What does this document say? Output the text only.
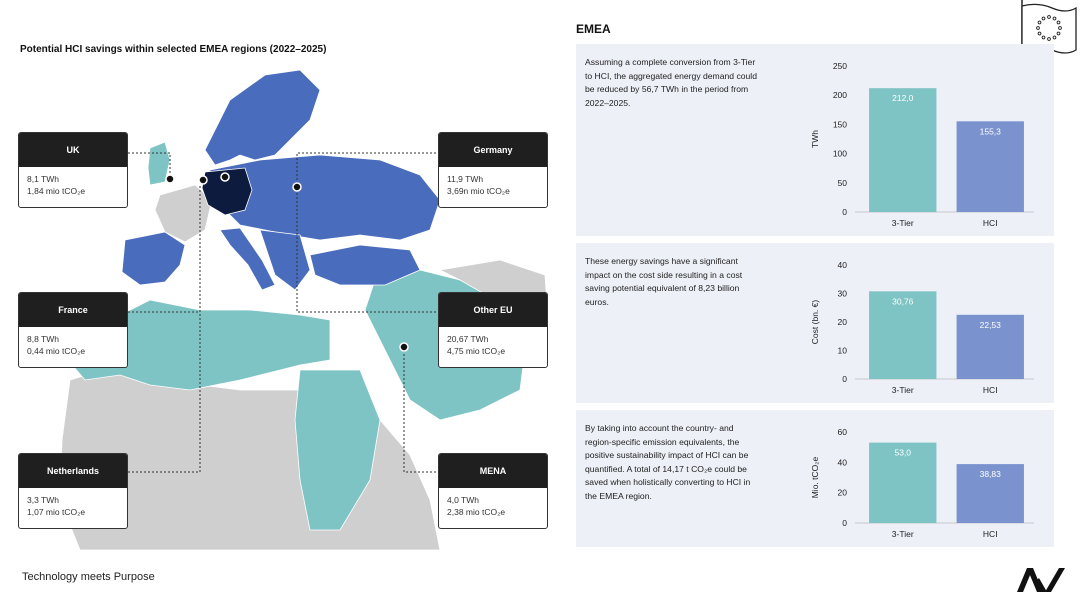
Potential HCI savings within selected EMEA regions (2022–2025)
UK
8,1 TWh
1,84 mio tCO₂e
Germany
11,9 TWh
3,69n mio tCO₂e
France
8,8 TWh
0,44 mio tCO₂e
Other EU
20,67 TWh
4,75 mio tCO₂e
Netherlands
3,3 TWh
1,07 mio tCO₂e
MENA
4,0 TWh
2,38 mio tCO₂e
EMEA
Assuming a complete conversion from 3-Tier to HCI, the aggregated energy demand could be reduced by 56,7 TWh in the period from 2022–2025.
TWh
0
50
100
150
200
250
212,0
3-Tier
155,3
HCI
These energy savings have a significant impact on the cost side resulting in a cost saving potential equivalent of 8,23 billion euros.	Cost (bn. €)
0
10
20
30
40
30,76
3-Tier
22,53
HCI
By taking into account the country- and region-specific emission equivalents, the positive sustainability impact of HCI can be quantified. A total of 14,17 t CO₂e could be saved when holistically converting to HCI in the EMEA region.	Mio. tCO₂e
0
20
40
60
53,0
3-Tier
38,83
HCI
Technology meets Purpose
